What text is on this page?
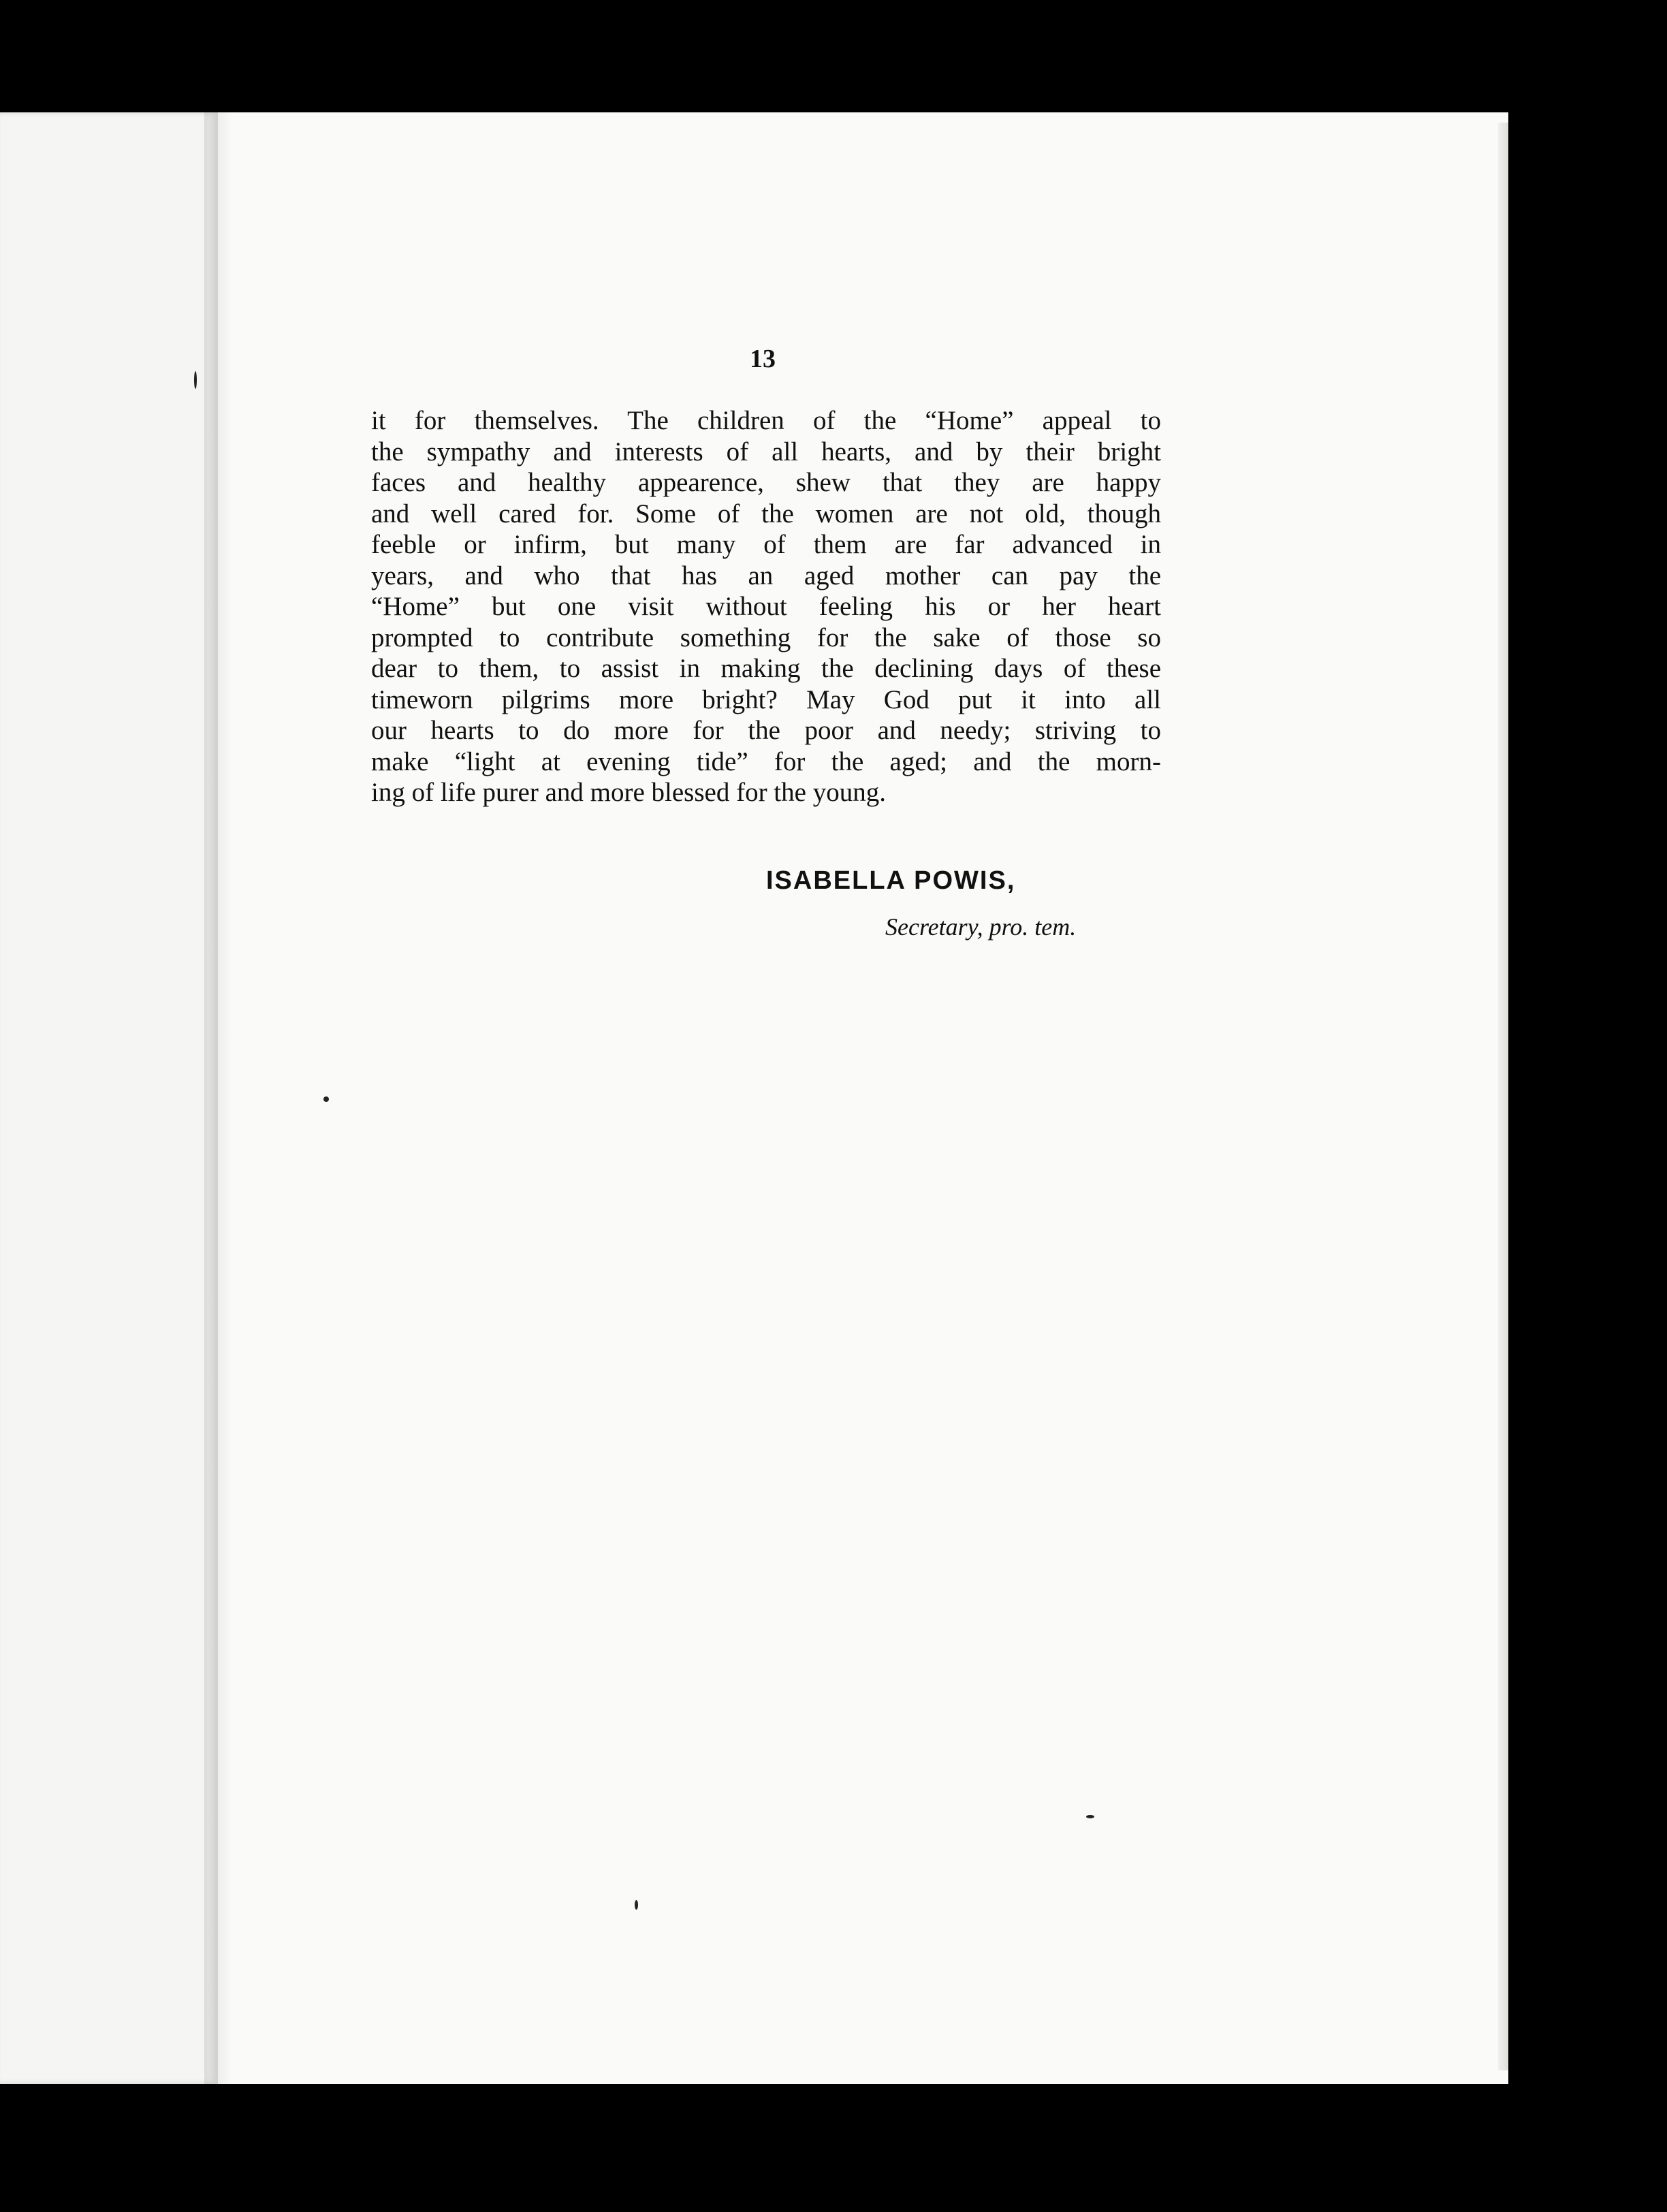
13
it for themselves. The children of the “Home” appeal to
the sympathy and interests of all hearts, and by their bright
faces and healthy appearence, shew that they are happy
and well cared for. Some of the women are not old, though
feeble or infirm, but many of them are far advanced in
years, and who that has an aged mother can pay the
“Home” but one visit without feeling his or her heart
prompted to contribute something for the sake of those so
dear to them, to assist in making the declining days of these
timeworn pilgrims more bright? May God put it into all
our hearts to do more for the poor and needy; striving to
make “light at evening tide” for the aged; and the morn-
ing of life purer and more blessed for the young.
ISABELLA POWIS,
Secretary, pro. tem.
